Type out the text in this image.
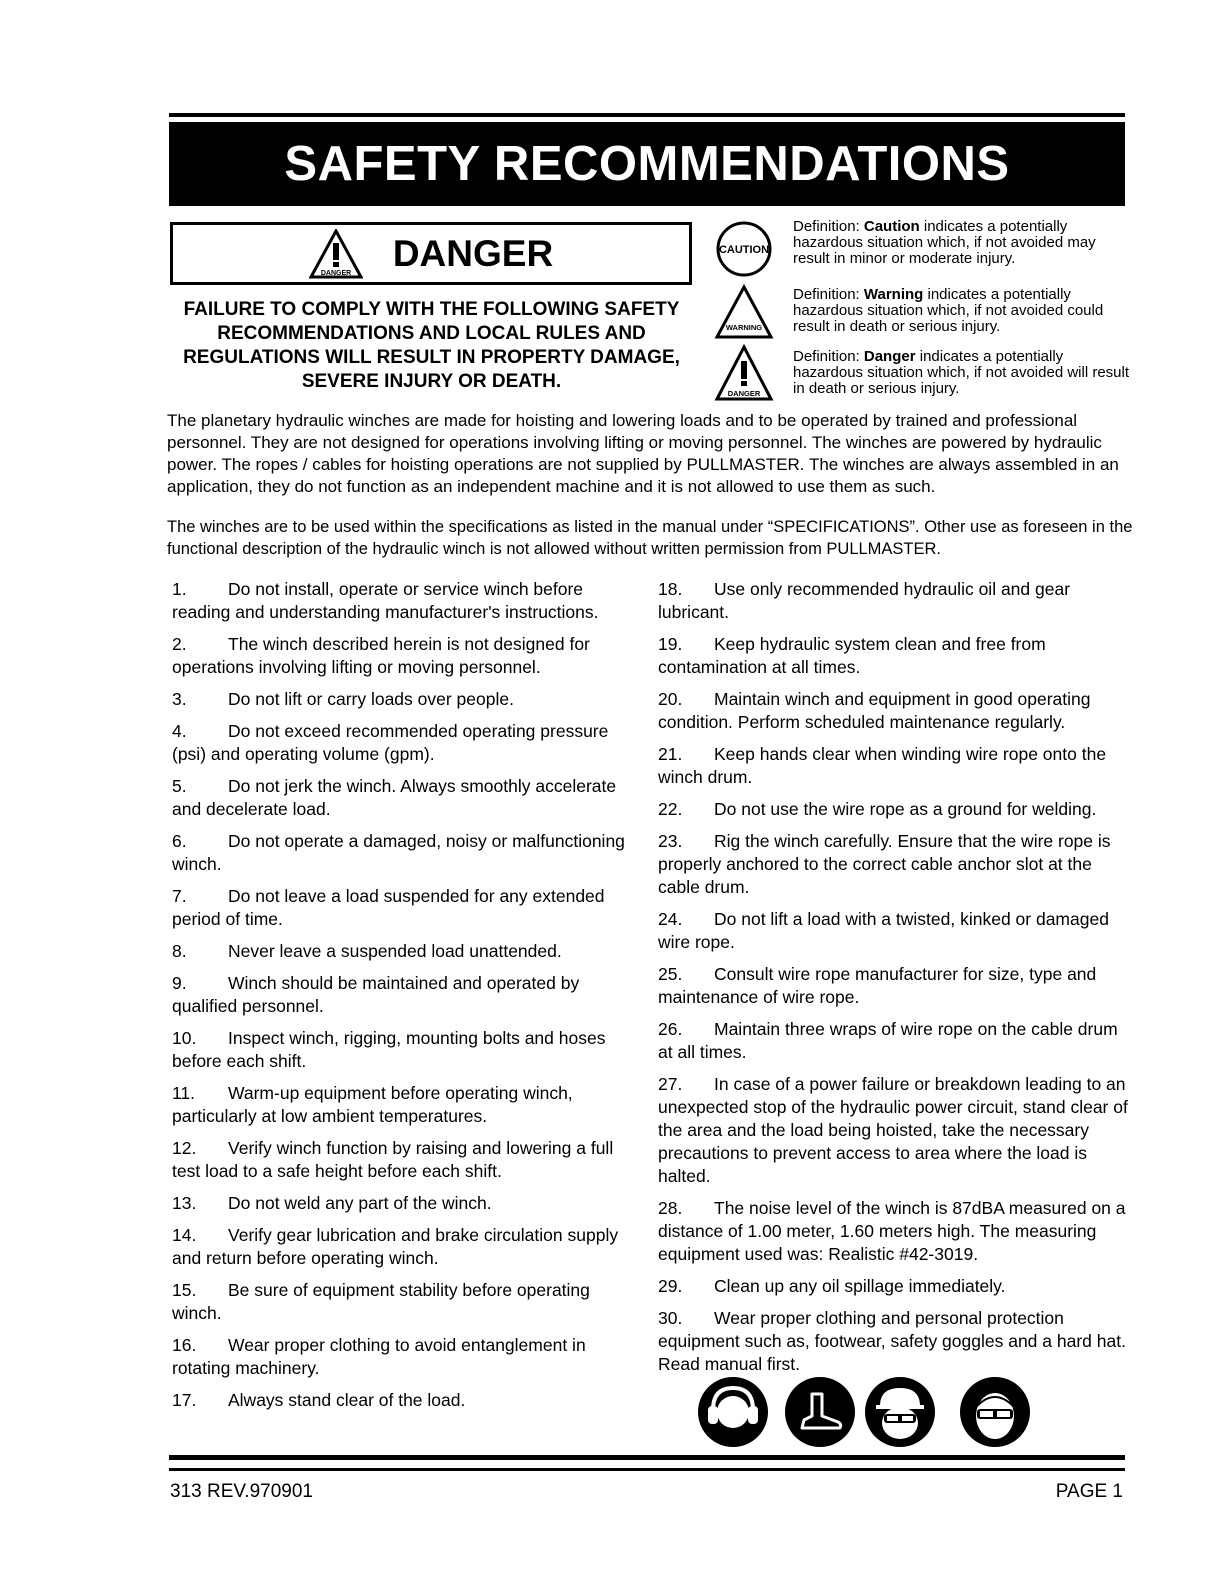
SAFETY RECOMMENDATIONS
DANGER DANGER
FAILURE TO COMPLY WITH THE FOLLOWING SAFETY RECOMMENDATIONS AND LOCAL RULES AND REGULATIONS WILL RESULT IN PROPERTY DAMAGE, SEVERE INJURY OR DEATH.
CAUTION
Definition: Caution indicates a potentially hazardous situation which, if not avoided may result in minor or moderate injury.
WARNING
Definition: Warning indicates a potentially hazardous situation which, if not avoided could result in death or serious injury.
DANGER
Definition: Danger indicates a potentially hazardous situation which, if not avoided will result in death or serious injury.
The planetary hydraulic winches are made for hoisting and lowering loads and to be operated by trained and professional personnel. They are not designed for operations involving lifting or moving personnel. The winches are powered by hydraulic power. The ropes / cables for hoisting operations are not supplied by PULLMASTER. The winches are always assembled in an application, they do not function as an independent machine and it is not allowed to use them as such.
The winches are to be used within the specifications as listed in the manual under “SPECIFICATIONS”. Other use as foreseen in the functional description of the hydraulic winch is not allowed without written permission from PULLMASTER.
1. Do not install, operate or service winch before reading and understanding manufacturer's instructions.
2. The winch described herein is not designed for operations involving lifting or moving personnel.
3. Do not lift or carry loads over people.
4. Do not exceed recommended operating pressure (psi) and operating volume (gpm).
5. Do not jerk the winch. Always smoothly accelerate and decelerate load.
6. Do not operate a damaged, noisy or malfunctioning winch.
7. Do not leave a load suspended for any extended period of time.
8. Never leave a suspended load unattended.
9. Winch should be maintained and operated by qualified personnel.
10. Inspect winch, rigging, mounting bolts and hoses before each shift.
11. Warm-up equipment before operating winch, particularly at low ambient temperatures.
12. Verify winch function by raising and lowering a full test load to a safe height before each shift.
13. Do not weld any part of the winch.
14. Verify gear lubrication and brake circulation supply and return before operating winch.
15. Be sure of equipment stability before operating winch.
16. Wear proper clothing to avoid entanglement in rotating machinery.
17. Always stand clear of the load.
18. Use only recommended hydraulic oil and gear lubricant.
19. Keep hydraulic system clean and free from contamination at all times.
20. Maintain winch and equipment in good operating condition. Perform scheduled maintenance regularly.
21. Keep hands clear when winding wire rope onto the winch drum.
22. Do not use the wire rope as a ground for welding.
23. Rig the winch carefully. Ensure that the wire rope is properly anchored to the correct cable anchor slot at the cable drum.
24. Do not lift a load with a twisted, kinked or damaged wire rope.
25. Consult wire rope manufacturer for size, type and maintenance of wire rope.
26. Maintain three wraps of wire rope on the cable drum at all times.
27. In case of a power failure or breakdown leading to an unexpected stop of the hydraulic power circuit, stand clear of the area and the load being hoisted, take the necessary precautions to prevent access to area where the load is halted.
28. The noise level of the winch is 87dBA measured on a distance of 1.00 meter, 1.60 meters high. The measuring equipment used was: Realistic #42-3019.
29. Clean up any oil spillage immediately.
30. Wear proper clothing and personal protection equipment such as, footwear, safety goggles and a hard hat. Read manual first.
313 REV.970901	PAGE 1
